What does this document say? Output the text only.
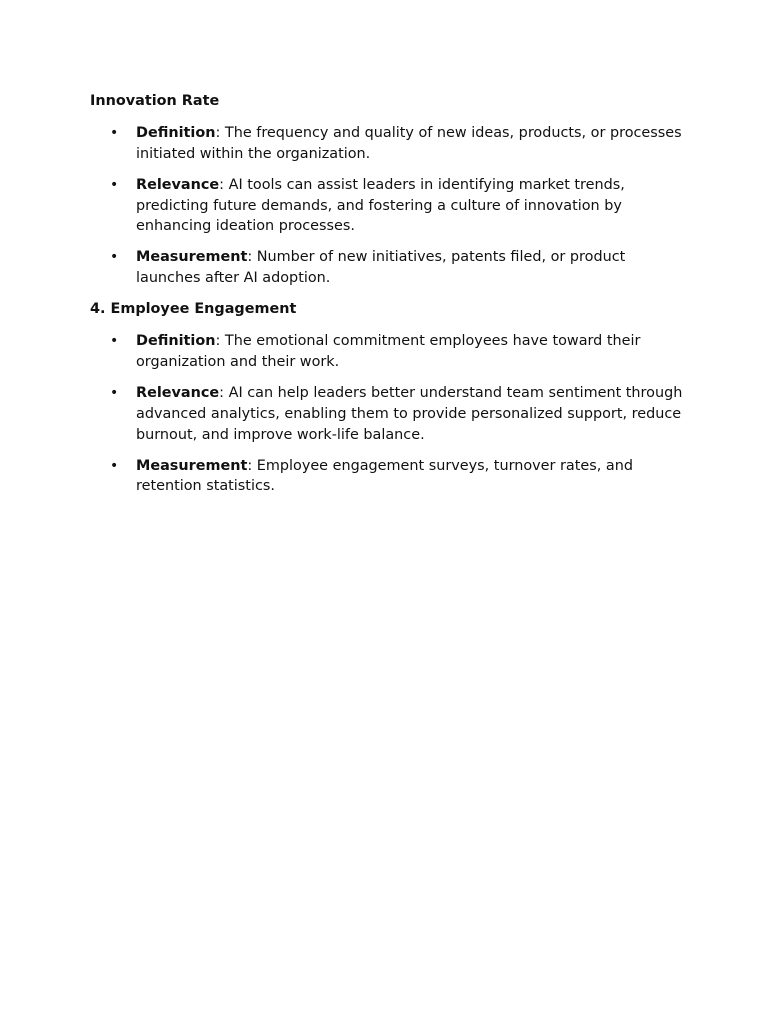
Innovation Rate
• Definition: The frequency and quality of new ideas, products, or processes initiated within the organization.
• Relevance: AI tools can assist leaders in identifying market trends, predicting future demands, and fostering a culture of innovation by enhancing ideation processes.
• Measurement: Number of new initiatives, patents filed, or product launches after AI adoption.
4. Employee Engagement
• Definition: The emotional commitment employees have toward their organization and their work.
• Relevance: AI can help leaders better understand team sentiment through advanced analytics, enabling them to provide personalized support, reduce burnout, and improve work-life balance.
• Measurement: Employee engagement surveys, turnover rates, and retention statistics.
